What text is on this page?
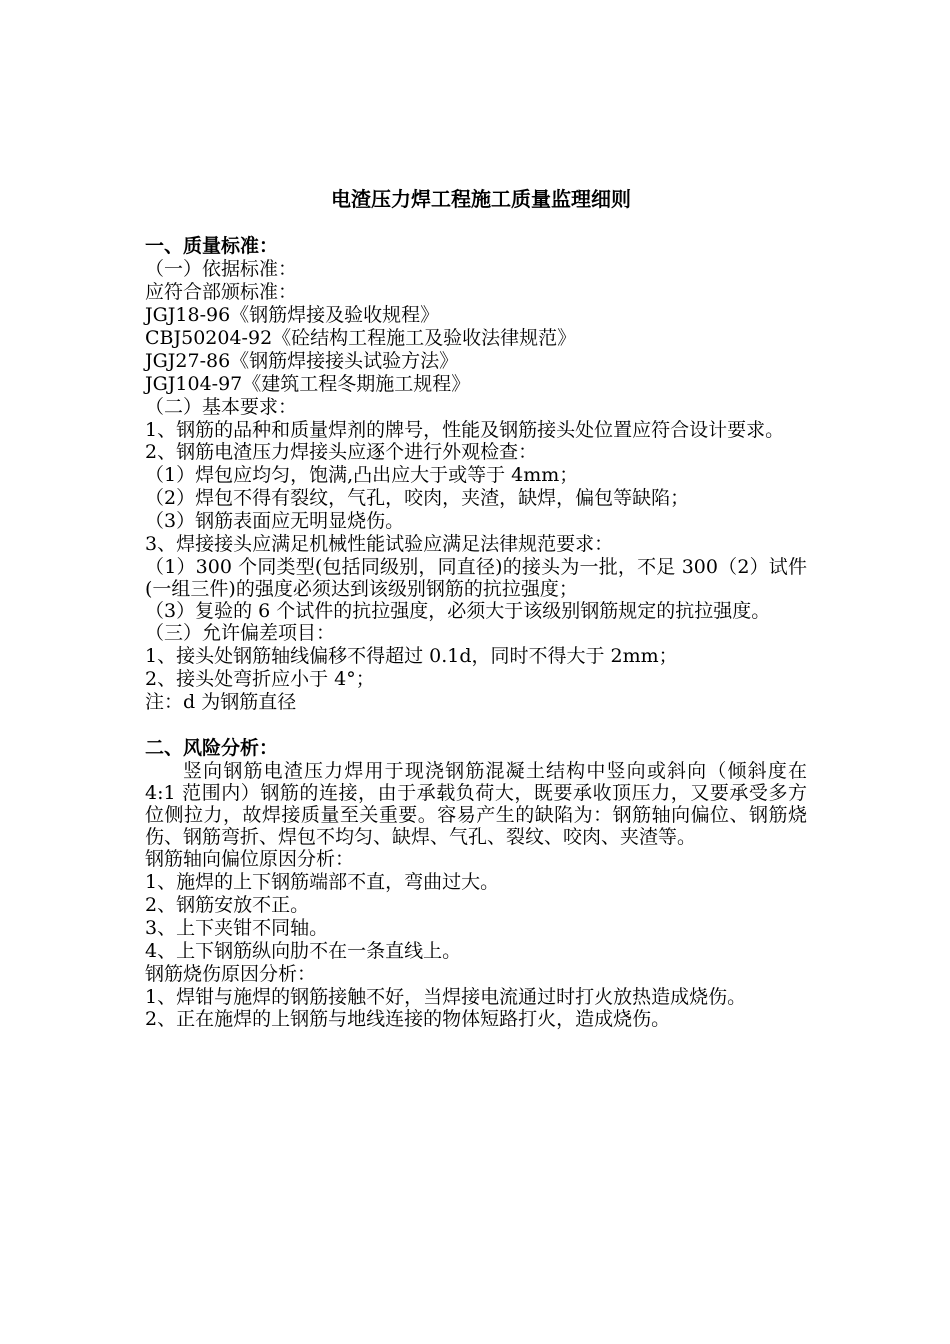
电渣压力焊工程施工质量监理细则
一、质量标准：
（一）依据标准：
应符合部颁标准：
JGJ18-96《钢筋焊接及验收规程》
CBJ50204-92《砼结构工程施工及验收法律规范》
JGJ27-86《钢筋焊接接头试验方法》
JGJ104-97《建筑工程冬期施工规程》
（二）基本要求：
1、钢筋的品种和质量焊剂的牌号，性能及钢筋接头处位置应符合设计要求。
2、钢筋电渣压力焊接头应逐个进行外观检查：
（1）焊包应均匀，饱满,凸出应大于或等于 4mm；
（2）焊包不得有裂纹，气孔，咬肉，夹渣，缺焊，偏包等缺陷；
（3）钢筋表面应无明显烧伤。
3、焊接接头应满足机械性能试验应满足法律规范要求：
（1）300 个同类型(包括同级别，同直径)的接头为一批，不足 300（2）试件(一组三件)的强度必须达到该级别钢筋的抗拉强度；
（3）复验的 6 个试件的抗拉强度，必须大于该级别钢筋规定的抗拉强度。
（三）允许偏差项目：
1、接头处钢筋轴线偏移不得超过 0.1d，同时不得大于 2mm；
2、接头处弯折应小于 4°；
注：d 为钢筋直径
二、风险分析：
竖向钢筋电渣压力焊用于现浇钢筋混凝土结构中竖向或斜向（倾斜度在 4:1 范围内）钢筋的连接，由于承载负荷大，既要承收顶压力，又要承受多方位侧拉力，故焊接质量至关重要。容易产生的缺陷为：钢筋轴向偏位、钢筋烧伤、钢筋弯折、焊包不均匀、缺焊、气孔、裂纹、咬肉、夹渣等。
钢筋轴向偏位原因分析：
1、施焊的上下钢筋端部不直，弯曲过大。
2、钢筋安放不正。
3、上下夹钳不同轴。
4、上下钢筋纵向肋不在一条直线上。
钢筋烧伤原因分析：
1、焊钳与施焊的钢筋接触不好，当焊接电流通过时打火放热造成烧伤。
2、正在施焊的上钢筋与地线连接的物体短路打火，造成烧伤。
